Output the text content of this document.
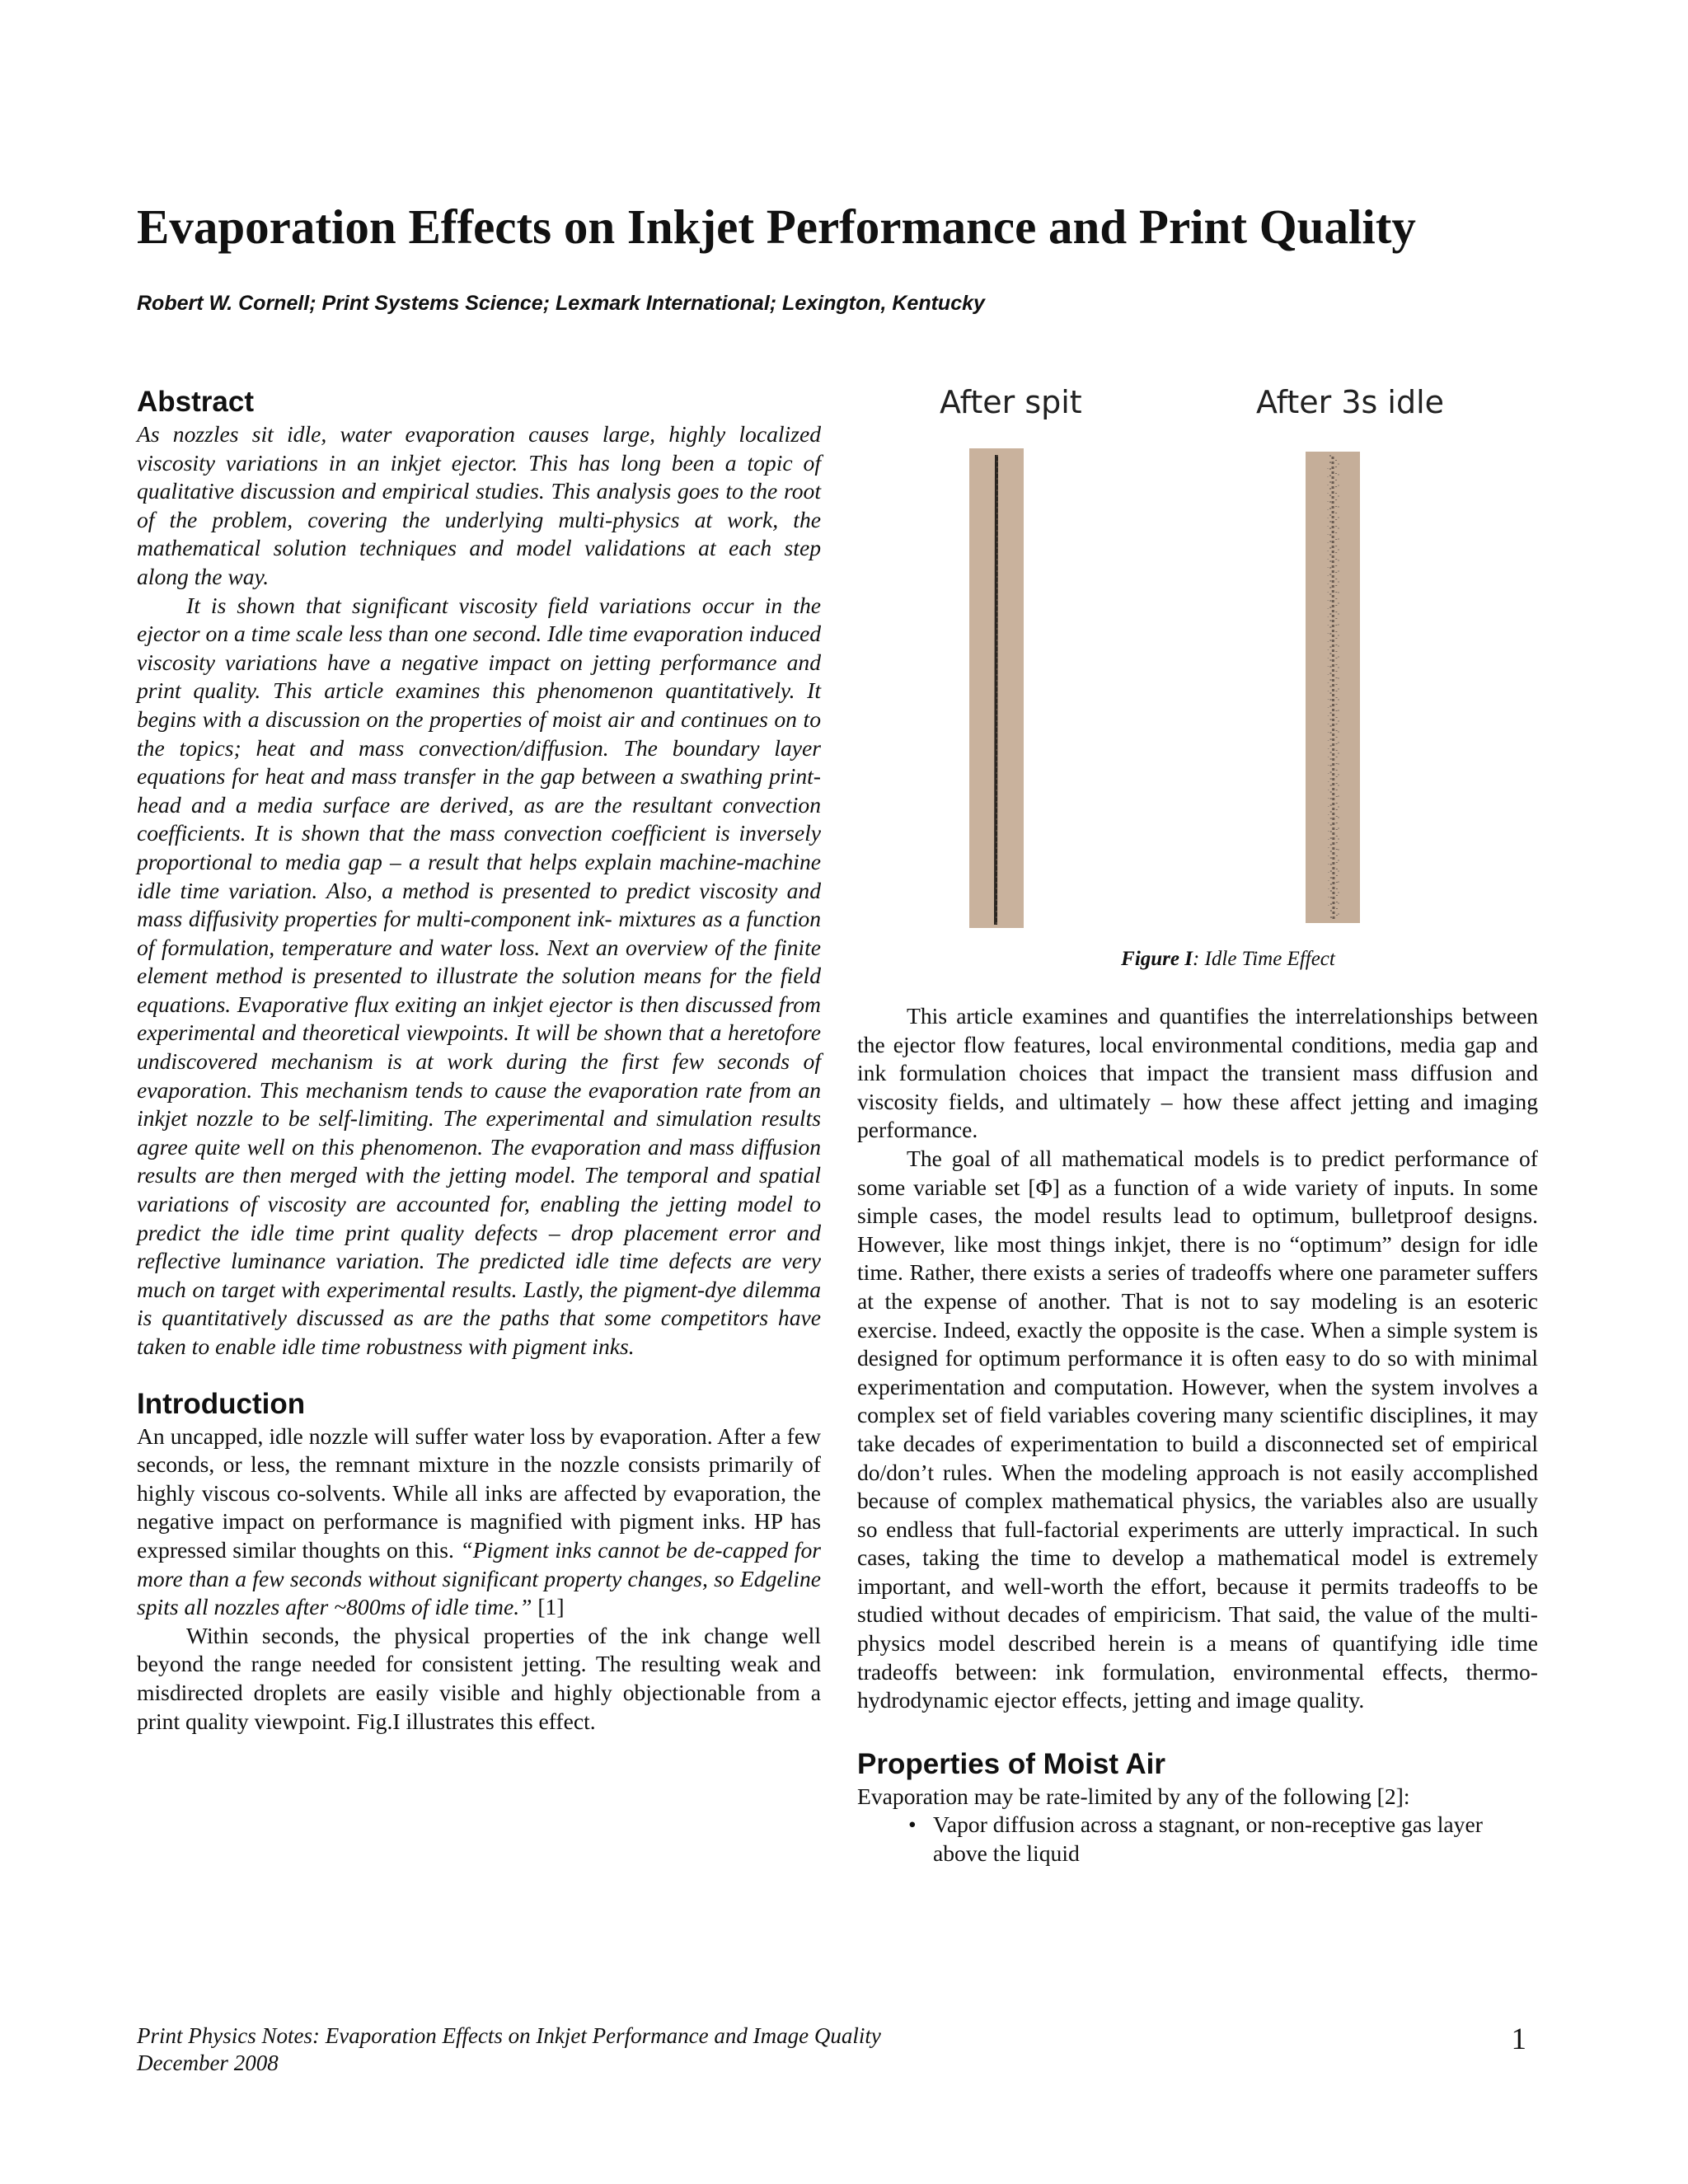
Evaporation Effects on Inkjet Performance and Print Quality
Robert W. Cornell; Print Systems Science; Lexmark International; Lexington, Kentucky
Abstract

As nozzles sit idle, water evaporation causes large, highly localized viscosity variations in an inkjet ejector. This has long been a topic of qualitative discussion and empirical studies. This analysis goes to the root of the problem, covering the underlying multi-physics at work, the mathematical solution techniques and model validations at each step along the way.

It is shown that significant viscosity field variations occur in the ejector on a time scale less than one second. Idle time evaporation induced viscosity variations have a negative impact on jetting performance and print quality. This article examines this phenomenon quantitatively. It begins with a discussion on the properties of moist air and continues on to the topics; heat and mass convection/diffusion. The boundary layer equations for heat and mass transfer in the gap between a swathing print-head and a media surface are derived, as are the resultant convection coefficients. It is shown that the mass convection coefficient is inversely proportional to media gap – a result that helps explain machine-machine idle time variation. Also, a method is presented to predict viscosity and mass diffusivity properties for multi-component ink- mixtures as a function of formulation, temperature and water loss. Next an overview of the finite element method is presented to illustrate the solution means for the field equations. Evaporative flux exiting an inkjet ejector is then discussed from experimental and theoretical viewpoints. It will be shown that a heretofore undiscovered mechanism is at work during the first few seconds of evaporation. This mechanism tends to cause the evaporation rate from an inkjet nozzle to be self-limiting. The experimental and simulation results agree quite well on this phenomenon. The evaporation and mass diffusion results are then merged with the jetting model. The temporal and spatial variations of viscosity are accounted for, enabling the jetting model to predict the idle time print quality defects – drop placement error and reflective luminance variation. The predicted idle time defects are very much on target with experimental results. Lastly, the pigment-dye dilemma is quantitatively discussed as are the paths that some competitors have taken to enable idle time robustness with pigment inks.

Introduction

An uncapped, idle nozzle will suffer water loss by evaporation. After a few seconds, or less, the remnant mixture in the nozzle consists primarily of highly viscous co-solvents. While all inks are affected by evaporation, the negative impact on performance is magnified with pigment inks. HP has expressed similar thoughts on this. “Pigment inks cannot be de-capped for more than a few seconds without significant property changes, so Edgeline spits all nozzles after ~800ms of idle time.” [1]

Within seconds, the physical properties of the ink change well beyond the range needed for consistent jetting. The resulting weak and misdirected droplets are easily visible and highly objectionable from a print quality viewpoint. Fig.I illustrates this effect.

After spit	After 3s idle
Figure I: Idle Time Effect

This article examines and quantifies the interrelationships between the ejector flow features, local environmental conditions, media gap and ink formulation choices that impact the transient mass diffusion and viscosity fields, and ultimately – how these affect jetting and imaging performance.

The goal of all mathematical models is to predict performance of some variable set [Φ] as a function of a wide variety of inputs. In some simple cases, the model results lead to optimum, bulletproof designs. However, like most things inkjet, there is no “optimum” design for idle time. Rather, there exists a series of tradeoffs where one parameter suffers at the expense of another. That is not to say modeling is an esoteric exercise. Indeed, exactly the opposite is the case. When a simple system is designed for optimum performance it is often easy to do so with minimal experimentation and computation. However, when the system involves a complex set of field variables covering many scientific disciplines, it may take decades of experimentation to build a disconnected set of empirical do/don’t rules. When the modeling approach is not easily accomplished because of complex mathematical physics, the variables also are usually so endless that full-factorial experiments are utterly impractical. In such cases, taking the time to develop a mathematical model is extremely important, and well-worth the effort, because it permits tradeoffs to be studied without decades of empiricism. That said, the value of the multi-physics model described herein is a means of quantifying idle time tradeoffs between: ink formulation, environmental effects, thermo-hydrodynamic ejector effects, jetting and image quality.

Properties of Moist Air

Evaporation may be rate-limited by any of the following [2]:

• Vapor diffusion across a stagnant, or non-receptive gas layer above the liquid
Print Physics Notes: Evaporation Effects on Inkjet Performance and Image Quality
December 2008
1
